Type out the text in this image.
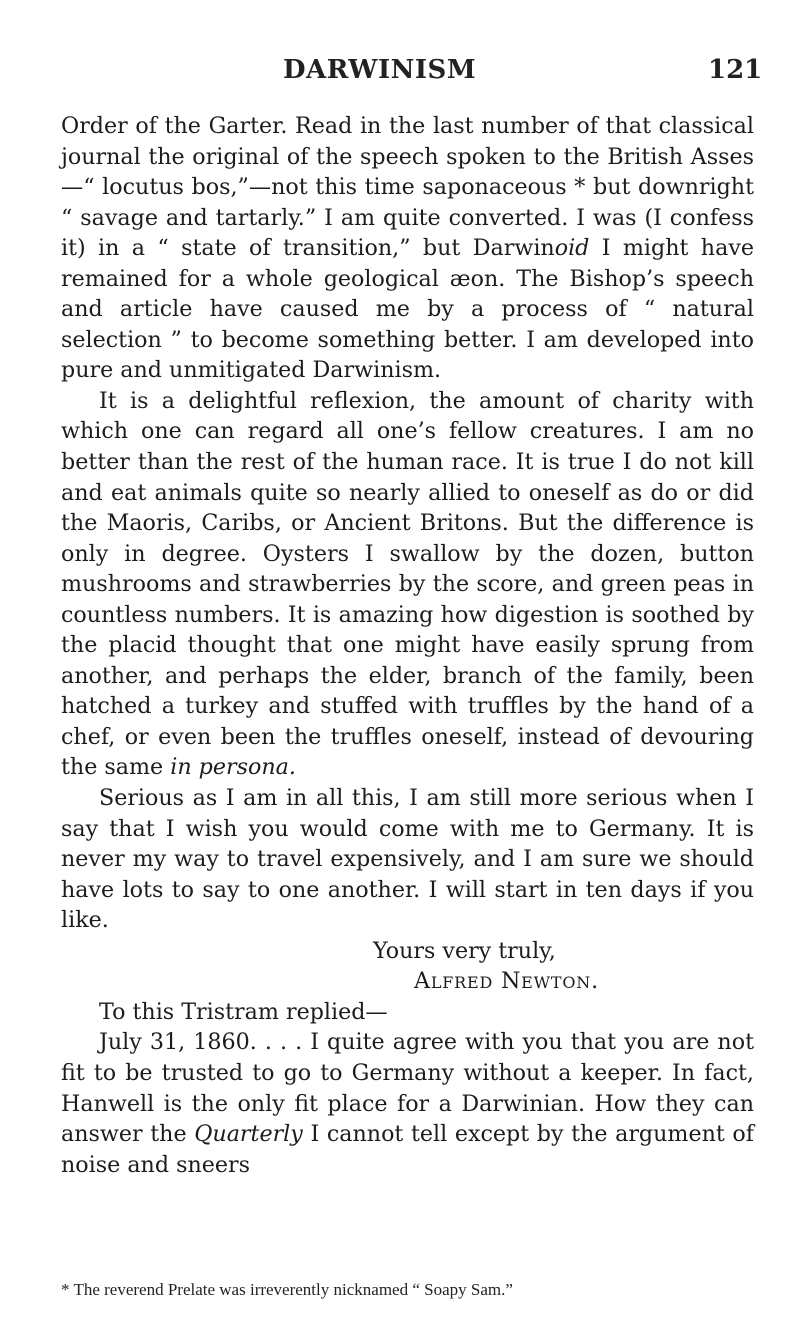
DARWINISM	121

Order of the Garter. Read in the last number of that classical journal the original of the speech spoken to the British Asses—“ locutus bos,”—not this time saponaceous * but downright “ savage and tartarly.” I am quite converted. I was (I confess it) in a “ state of transition,” but Darwinoid I might have remained for a whole geological æon. The Bishop’s speech and article have caused me by a process of “ natural selection ” to become something better. I am developed into pure and unmitigated Darwinism.

It is a delightful reflexion, the amount of charity with which one can regard all one’s fellow creatures. I am no better than the rest of the human race. It is true I do not kill and eat animals quite so nearly allied to oneself as do or did the Maoris, Caribs, or Ancient Britons. But the difference is only in degree. Oysters I swallow by the dozen, button mushrooms and strawberries by the score, and green peas in countless numbers. It is amazing how digestion is soothed by the placid thought that one might have easily sprung from another, and perhaps the elder, branch of the family, been hatched a turkey and stuffed with truffles by the hand of a chef, or even been the truffles oneself, instead of devouring the same in persona.

Serious as I am in all this, I am still more serious when I say that I wish you would come with me to Germany. It is never my way to travel expensively, and I am sure we should have lots to say to one another. I will start in ten days if you like.

Yours very truly,

Alfred Newton.

To this Tristram replied—

July 31, 1860. . . . I quite agree with you that you are not fit to be trusted to go to Germany without a keeper. In fact, Hanwell is the only fit place for a Darwinian. How they can answer the Quarterly I cannot tell except by the argument of noise and sneers

* The reverend Prelate was irreverently nicknamed “ Soapy Sam.”
